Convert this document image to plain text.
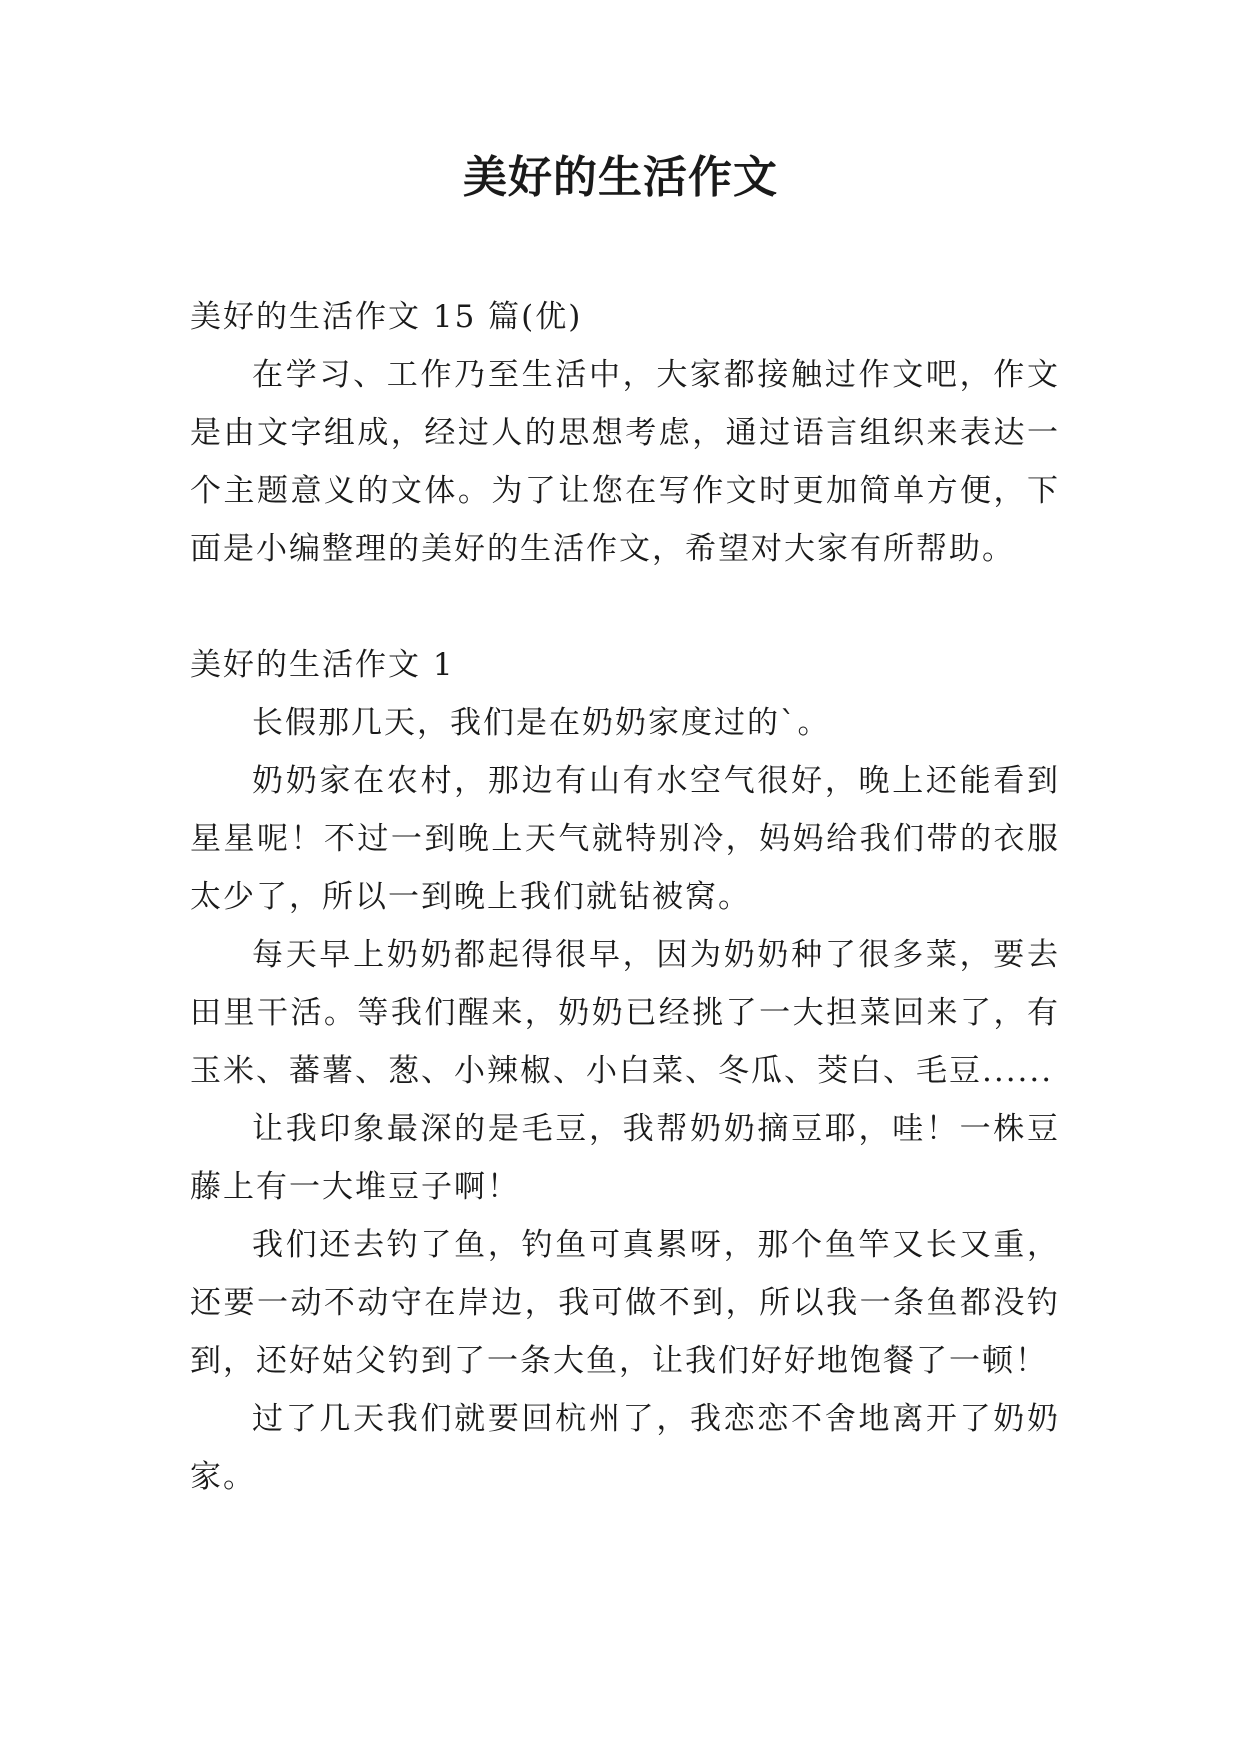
美好的生活作文

美好的生活作文 15 篇(优)

在学习、工作乃至生活中，大家都接触过作文吧，作文是由文字组成，经过人的思想考虑，通过语言组织来表达一个主题意义的文体。为了让您在写作文时更加简单方便，下面是小编整理的美好的生活作文，希望对大家有所帮助。

美好的生活作文 1

长假那几天，我们是在奶奶家度过的`。

奶奶家在农村，那边有山有水空气很好，晚上还能看到星星呢！不过一到晚上天气就特别冷，妈妈给我们带的衣服太少了，所以一到晚上我们就钻被窝。

每天早上奶奶都起得很早，因为奶奶种了很多菜，要去田里干活。等我们醒来，奶奶已经挑了一大担菜回来了，有玉米、蕃薯、葱、小辣椒、小白菜、冬瓜、茭白、毛豆......

让我印象最深的是毛豆，我帮奶奶摘豆耶，哇！一株豆藤上有一大堆豆子啊！

我们还去钓了鱼，钓鱼可真累呀，那个鱼竿又长又重，还要一动不动守在岸边，我可做不到，所以我一条鱼都没钓到，还好姑父钓到了一条大鱼，让我们好好地饱餐了一顿！

过了几天我们就要回杭州了，我恋恋不舍地离开了奶奶家。
